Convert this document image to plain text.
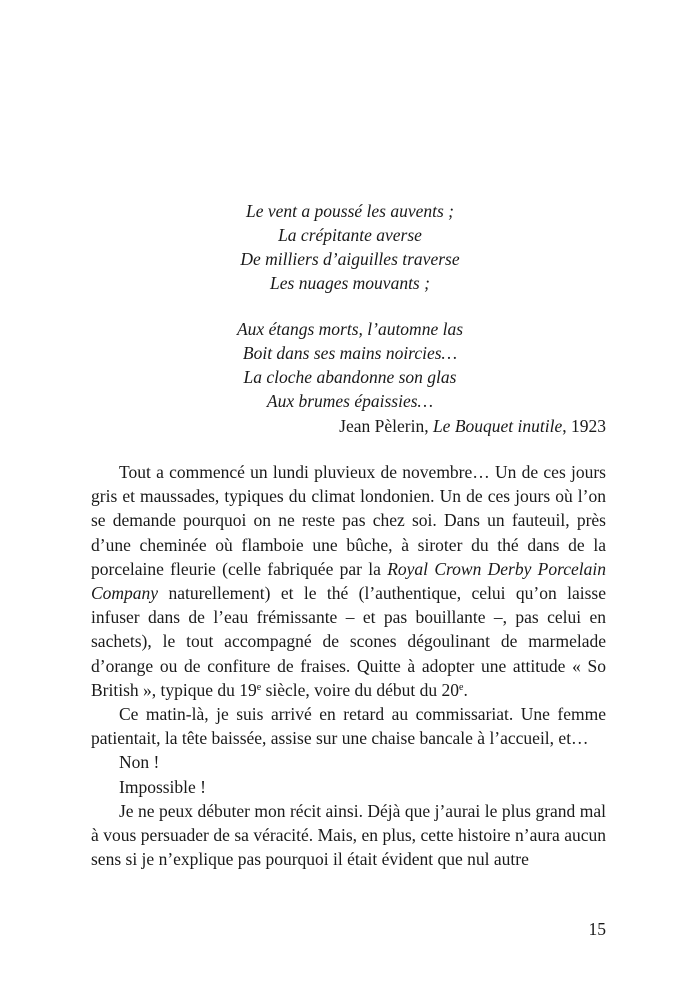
Le vent a poussé les auvents ;
La crépitante averse
De milliers d’aiguilles traverse
Les nuages mouvants ;
Aux étangs morts, l’automne las
Boit dans ses mains noircies…
La cloche abandonne son glas
Aux brumes épaissies…
Jean Pèlerin, Le Bouquet inutile, 1923

Tout a commencé un lundi pluvieux de novembre… Un de ces jours gris et maussades, typiques du climat londonien. Un de ces jours où l’on se demande pourquoi on ne reste pas chez soi. Dans un fauteuil, près d’une cheminée où flamboie une bûche, à siroter du thé dans de la porcelaine fleurie (celle fabriquée par la Royal Crown Derby Porcelain Company naturellement) et le thé (l’authentique, celui qu’on laisse infuser dans de l’eau frémissante – et pas bouillante –, pas celui en sachets), le tout accompagné de scones dégoulinant de marmelade d’orange ou de confiture de fraises. Quitte à adopter une attitude « So British », typique du 19e siècle, voire du début du 20e.

Ce matin-là, je suis arrivé en retard au commissariat. Une femme patientait, la tête baissée, assise sur une chaise bancale à l’accueil, et…

Non !

Impossible !

Je ne peux débuter mon récit ainsi. Déjà que j’aurai le plus grand mal à vous persuader de sa véracité. Mais, en plus, cette histoire n’aura aucun sens si je n’explique pas pourquoi il était évident que nul autre

15
